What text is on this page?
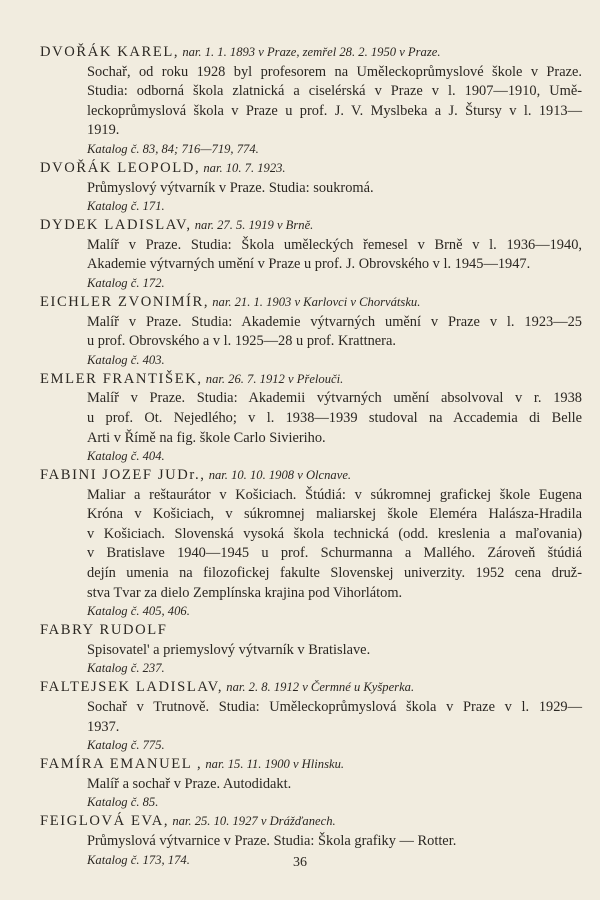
DVOŘÁK KAREL, nar. 1. 1. 1893 v Praze, zemřel 28. 2. 1950 v Praze.
Sochař, od roku 1928 byl profesorem na Uměleckoprůmyslové škole v Praze.
Studia: odborná škola zlatnická a ciselérská v Praze v l. 1907—1910, Umě-
leckoprůmyslová škola v Praze u prof. J. V. Myslbeka a J. Štursy v l. 1913—
1919.
Katalog č. 83, 84; 716—719, 774.
DVOŘÁK LEOPOLD, nar. 10. 7. 1923.
Průmyslový výtvarník v Praze. Studia: soukromá.
Katalog č. 171.
DYDEK LADISLAV, nar. 27. 5. 1919 v Brně.
Malíř v Praze. Studia: Škola uměleckých řemesel v Brně v l. 1936—1940,
Akademie výtvarných umění v Praze u prof. J. Obrovského v l. 1945—1947.
Katalog č. 172.
EICHLER ZVONIMÍR, nar. 21. 1. 1903 v Karlovci v Chorvátsku.
Malíř v Praze. Studia: Akademie výtvarných umění v Praze v l. 1923—25
u prof. Obrovského a v l. 1925—28 u prof. Krattnera.
Katalog č. 403.
EMLER FRANTIŠEK, nar. 26. 7. 1912 v Přelouči.
Malíř v Praze. Studia: Akademii výtvarných umění absolvoval v r. 1938
u prof. Ot. Nejedlého; v l. 1938—1939 studoval na Accademia di Belle
Arti v Římě na fig. škole Carlo Sivieriho.
Katalog č. 404.
FABINI JOZEF JUDr., nar. 10. 10. 1908 v Olcnave.
Maliar a reštaurátor v Košiciach. Štúdiá: v súkromnej grafickej škole Eugena
Króna v Košiciach, v súkromnej maliarskej škole Eleméra Halásza-Hradila
v Košiciach. Slovenská vysoká škola technická (odd. kreslenia a maľovania)
v Bratislave 1940—1945 u prof. Schurmanna a Mallého. Zároveň štúdiá
dejín umenia na filozofickej fakulte Slovenskej univerzity. 1952 cena druž-
stva Tvar za dielo Zemplínska krajina pod Vihorlátom.
Katalog č. 405, 406.
FABRY RUDOLF
Spisovatel' a priemyslový výtvarník v Bratislave.
Katalog č. 237.
FALTEJSEK LADISLAV, nar. 2. 8. 1912 v Čermné u Kyšperka.
Sochař v Trutnově. Studia: Uměleckoprůmyslová škola v Praze v l. 1929—
1937.
Katalog č. 775.
FAMÍRA EMANUEL , nar. 15. 11. 1900 v Hlinsku.
Malíř a sochař v Praze. Autodidakt.
Katalog č. 85.
FEIGLOVÁ EVA, nar. 25. 10. 1927 v Drážďanech.
Průmyslová výtvarnice v Praze. Studia: Škola grafiky — Rotter.
Katalog č. 173, 174.	36
